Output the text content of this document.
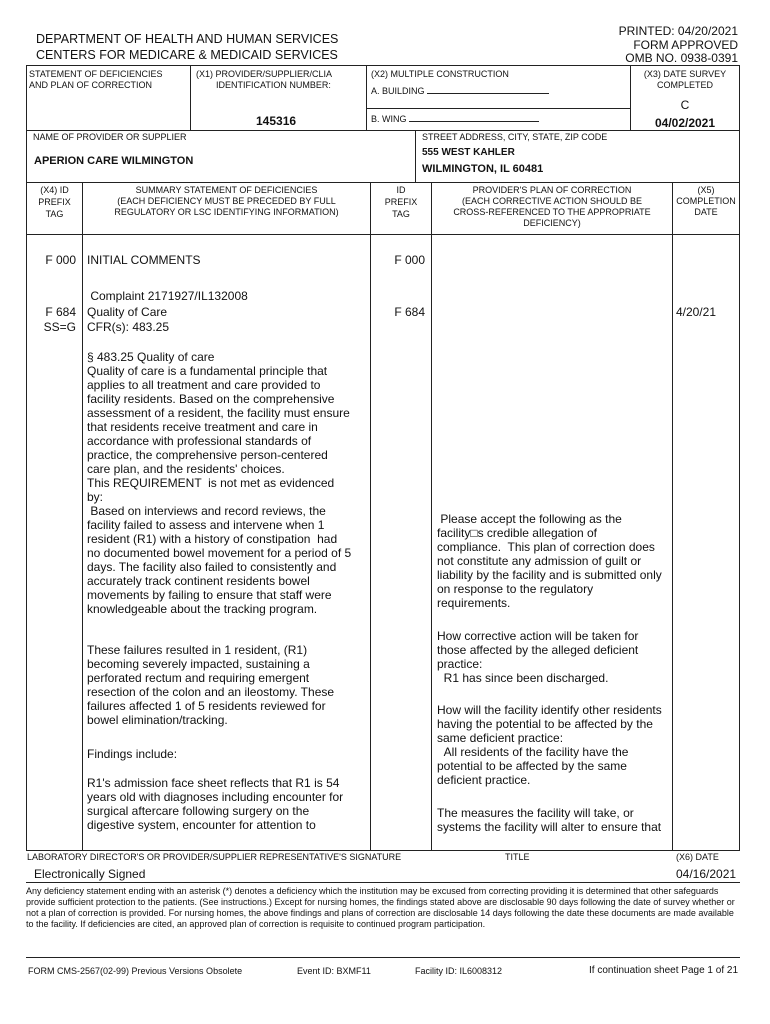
DEPARTMENT OF HEALTH AND HUMAN SERVICES
CENTERS FOR MEDICARE & MEDICAID SERVICES
PRINTED: 04/20/2021
FORM APPROVED
OMB NO. 0938-0391
STATEMENT OF DEFICIENCIES
AND PLAN OF CORRECTION
(X1) PROVIDER/SUPPLIER/CLIA
IDENTIFICATION NUMBER:
145316
(X2) MULTIPLE CONSTRUCTION
A. BUILDING
B. WING
(X3) DATE SURVEY
COMPLETED
C
04/02/2021
NAME OF PROVIDER OR SUPPLIER
APERION CARE WILMINGTON
STREET ADDRESS, CITY, STATE, ZIP CODE
555 WEST KAHLER
WILMINGTON, IL 60481
(X4) ID
PREFIX
TAG
SUMMARY STATEMENT OF DEFICIENCIES
(EACH DEFICIENCY MUST BE PRECEDED BY FULL
REGULATORY OR LSC IDENTIFYING INFORMATION)
ID
PREFIX
TAG
PROVIDER'S PLAN OF CORRECTION
(EACH CORRECTIVE ACTION SHOULD BE
CROSS-REFERENCED TO THE APPROPRIATE
DEFICIENCY)
(X5)
COMPLETION
DATE
F 000 INITIAL COMMENTS	F 000
Complaint 2171927/IL132008
F 684 Quality of Care	F 684	4/20/21
SS=G CFR(s): 483.25
§ 483.25 Quality of care
Quality of care is a fundamental principle that
applies to all treatment and care provided to
facility residents. Based on the comprehensive
assessment of a resident, the facility must ensure
that residents receive treatment and care in
accordance with professional standards of
practice, the comprehensive person-centered
care plan, and the residents' choices.
This REQUIREMENT  is not met as evidenced
by:
Based on interviews and record reviews, the
facility failed to assess and intervene when 1
resident (R1) with a history of constipation  had
no documented bowel movement for a period of 5
days. The facility also failed to consistently and
accurately track continent residents bowel
movements by failing to ensure that staff were
knowledgeable about the tracking program.
These failures resulted in 1 resident, (R1)
becoming severely impacted, sustaining a
perforated rectum and requiring emergent
resection of the colon and an ileostomy. These
failures affected 1 of 5 residents reviewed for
bowel elimination/tracking.
Findings include:
R1's admission face sheet reflects that R1 is 54
years old with diagnoses including encounter for
surgical aftercare following surgery on the
digestive system, encounter for attention to
Please accept the following as the
facility□s credible allegation of
compliance.  This plan of correction does
not constitute any admission of guilt or
liability by the facility and is submitted only
on response to the regulatory
requirements.
How corrective action will be taken for
those affected by the alleged deficient
practice:
R1 has since been discharged.
How will the facility identify other residents
having the potential to be affected by the
same deficient practice:
All residents of the facility have the
potential to be affected by the same
deficient practice.
The measures the facility will take, or
systems the facility will alter to ensure that
LABORATORY DIRECTOR'S OR PROVIDER/SUPPLIER REPRESENTATIVE'S SIGNATURE	TITLE	(X6) DATE
Electronically Signed	04/16/2021
Any deficiency statement ending with an asterisk (*) denotes a deficiency which the institution may be excused from correcting providing it is determined that other safeguards provide sufficient protection to the patients. (See instructions.) Except for nursing homes, the findings stated above are disclosable 90 days following the date of survey whether or not a plan of correction is provided. For nursing homes, the above findings and plans of correction are disclosable 14 days following the date these documents are made available to the facility. If deficiencies are cited, an approved plan of correction is requisite to continued program participation.
FORM CMS-2567(02-99) Previous Versions Obsolete	Event ID: BXMF11	Facility ID: IL6008312	If continuation sheet Page 1 of 21
